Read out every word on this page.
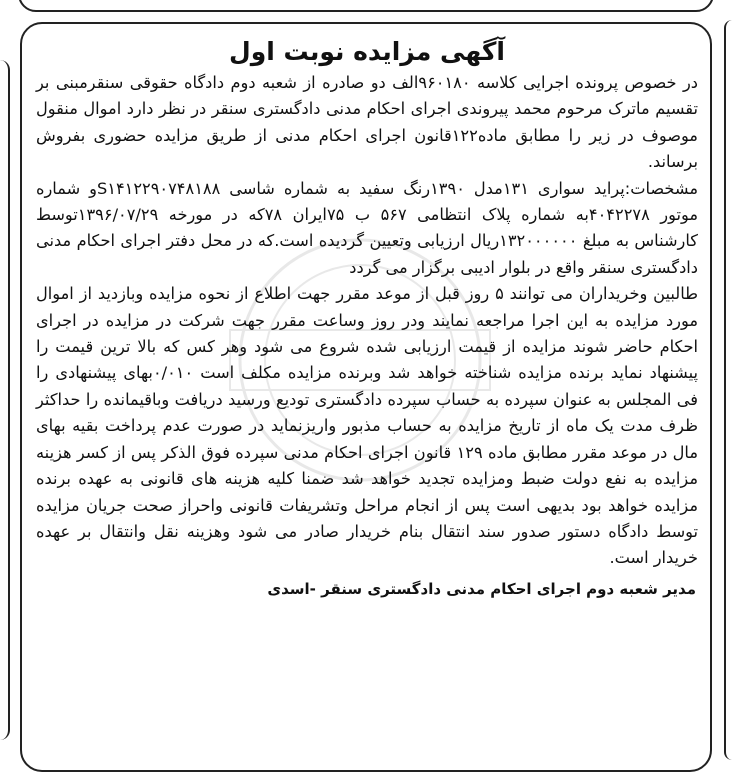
آگهی مزایده نوبت اول

در خصوص پرونده اجرایی کلاسه ۹۶۰۱۸۰الف دو صادره از شعبه دوم دادگاه حقوقی سنقرمبنی بر تقسیم ماترک مرحوم محمد پیروندی اجرای احکام مدنی دادگستری سنقر در نظر دارد اموال منقول موصوف در زیر را مطابق ماده۱۲۲قانون اجرای احکام مدنی از طریق مزایده حضوری بفروش برساند.

مشخصات:پراید سواری ۱۳۱مدل ۱۳۹۰رنگ سفید به شماره شاسی S۱۴۱۲۲۹۰۷۴۸۱۸۸و شماره موتور ۴۰۴۲۲۷۸به شماره پلاک انتظامی ۵۶۷ ب ۷۵ایران ۷۸که در مورخه ۱۳۹۶/۰۷/۲۹توسط کارشناس به مبلغ ۱۳۲۰۰۰۰۰۰ریال ارزیابی وتعیین گردیده است.که در محل دفتر اجرای احکام مدنی دادگستری سنقر واقع در بلوار ادیبی برگزار می گردد

طالبین وخریداران می توانند ۵ روز قبل از موعد مقرر جهت اطلاع از نحوه مزایده وبازدید از اموال مورد مزایده به این اجرا مراجعه نمایند ودر روز وساعت مقرر جهت شرکت در مزایده در اجرای احکام حاضر شوند مزایده از قیمت ارزیابی شده شروع می شود وهر کس که بالا ترین قیمت را پیشنهاد نماید برنده مزایده شناخته خواهد شد وبرنده مزایده مکلف است ۰/۰۱۰بهای پیشنهادی را فی المجلس به عنوان سپرده به حساب سپرده دادگستری تودیع ورسید دریافت وباقیمانده را حداکثر ظرف مدت یک ماه از تاریخ مزایده به حساب مذبور واریزنماید در صورت عدم پرداخت بقیه بهای مال در موعد مقرر مطابق ماده ۱۲۹ قانون اجرای احکام مدنی سپرده فوق الذکر پس از کسر هزینه مزایده به نفع دولت ضبط ومزایده تجدید خواهد شد ضمنا کلیه هزینه های قانونی به عهده برنده مزایده خواهد بود بدیهی است پس از انجام مراحل وتشریفات قانونی واحراز صحت جریان مزایده توسط دادگاه دستور صدور سند انتقال بنام خریدار صادر می شود وهزینه نقل وانتقال بر عهده خریدار است.

مدیر شعبه دوم اجرای احکام مدنی دادگستری سنقر -اسدی
